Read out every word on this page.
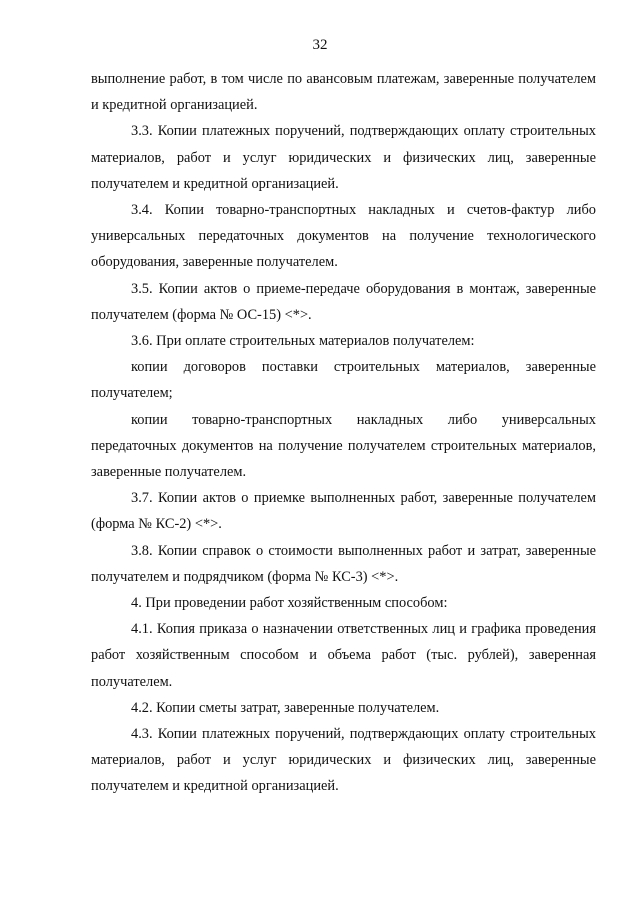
32

выполнение работ, в том числе по авансовым платежам, заверенные получателем и кредитной организацией.

3.3. Копии платежных поручений, подтверждающих оплату строительных материалов, работ и услуг юридических и физических лиц, заверенные получателем и кредитной организацией.

3.4. Копии товарно-транспортных накладных и счетов-фактур либо универсальных передаточных документов на получение технологического оборудования, заверенные получателем.

3.5. Копии актов о приеме-передаче оборудования в монтаж, заверенные получателем (форма № ОС-15) <*>.

3.6. При оплате строительных материалов получателем:

копии договоров поставки строительных материалов, заверенные получателем;

копии товарно-транспортных накладных либо универсальных передаточных документов на получение получателем строительных материалов, заверенные получателем.

3.7. Копии актов о приемке выполненных работ, заверенные получателем (форма № КС-2) <*>.

3.8. Копии справок о стоимости выполненных работ и затрат, заверенные получателем и подрядчиком (форма № КС-3) <*>.

4. При проведении работ хозяйственным способом:

4.1. Копия приказа о назначении ответственных лиц и графика проведения работ хозяйственным способом и объема работ (тыс. рублей), заверенная получателем.

4.2. Копии сметы затрат, заверенные получателем.

4.3. Копии платежных поручений, подтверждающих оплату строительных материалов, работ и услуг юридических и физических лиц, заверенные получателем и кредитной организацией.
